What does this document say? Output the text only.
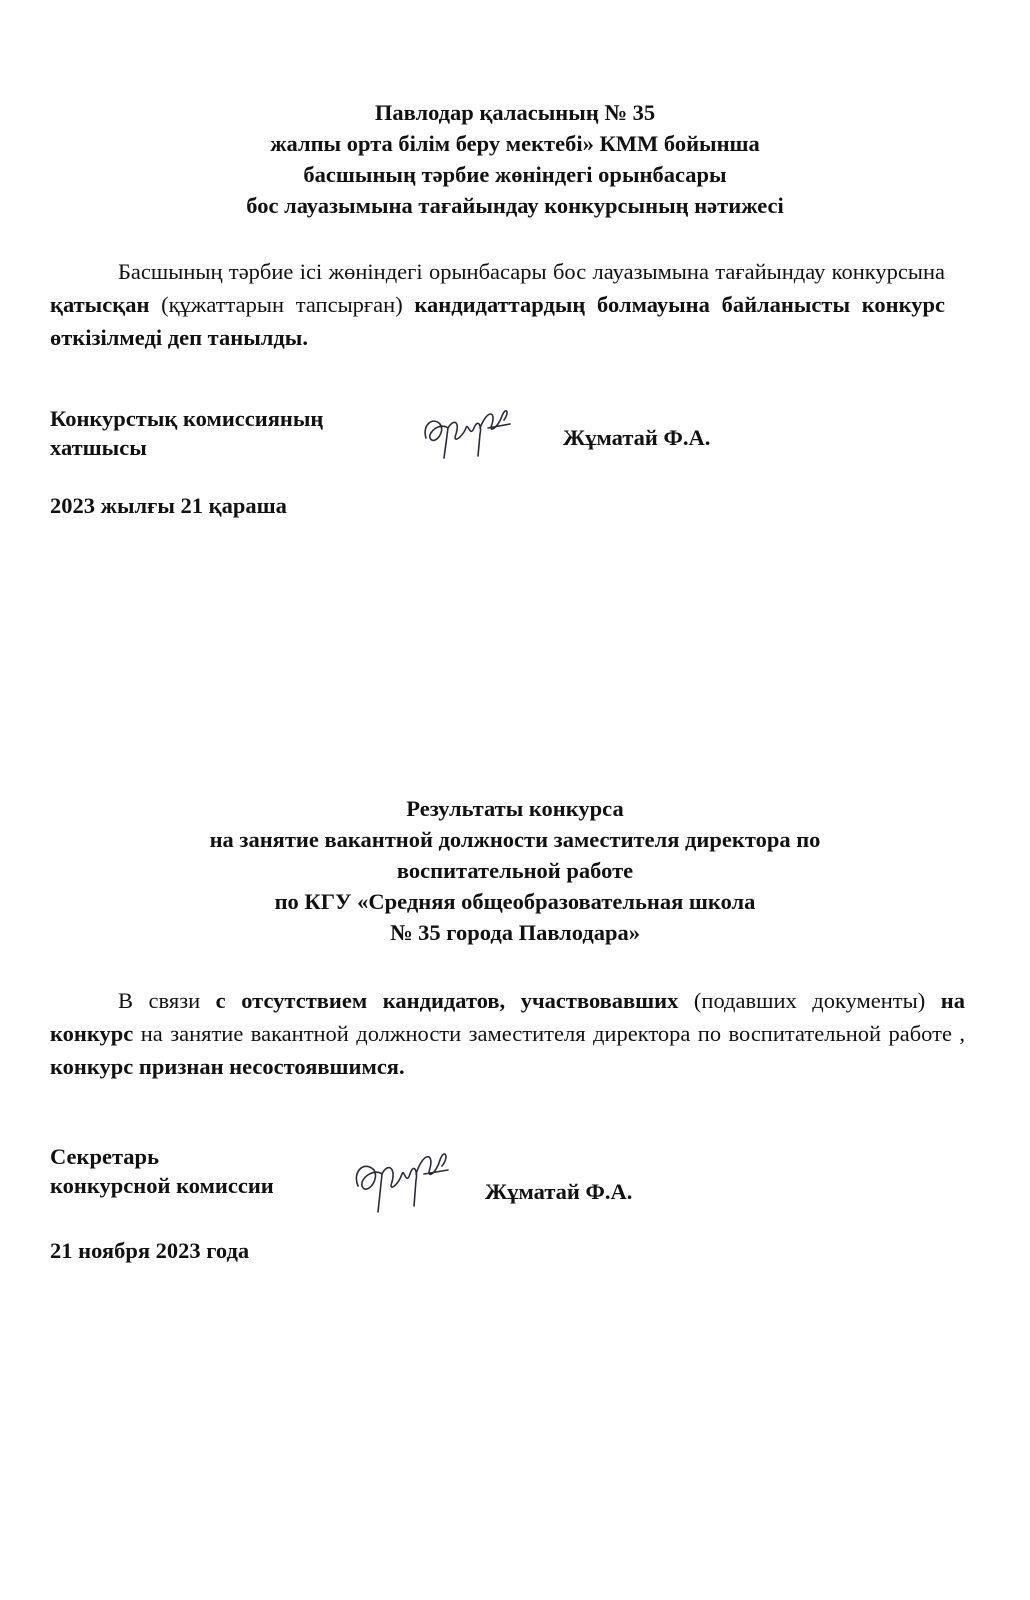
Павлодар қаласының № 35
жалпы орта білім беру мектебі» КММ бойынша
басшының тәрбие жөніндегі орынбасары
бос лауазымына тағайындау конкурсының нәтижесі
Басшының тәрбие ісі жөніндегі орынбасары бос лауазымына тағайындау конкурсына қатысқан (құжаттарын тапсырған) кандидаттардың болмауына байланысты конкурс өткізілмеді деп танылды.
Конкурстық комиссияның
хатшысы	Жұматай Ф.А.
2023 жылғы 21 қараша
Результаты конкурса
на занятие вакантной должности заместителя директора по
воспитательной работе
по КГУ «Средняя общеобразовательная школа
№ 35 города Павлодара»
В связи с отсутствием кандидатов, участвовавших (подавших документы) на конкурс на занятие вакантной должности заместителя директора по воспитательной работе , конкурс признан несостоявшимся.
Секретарь
конкурсной комиссии	Жұматай Ф.А.
21 ноября 2023 года
